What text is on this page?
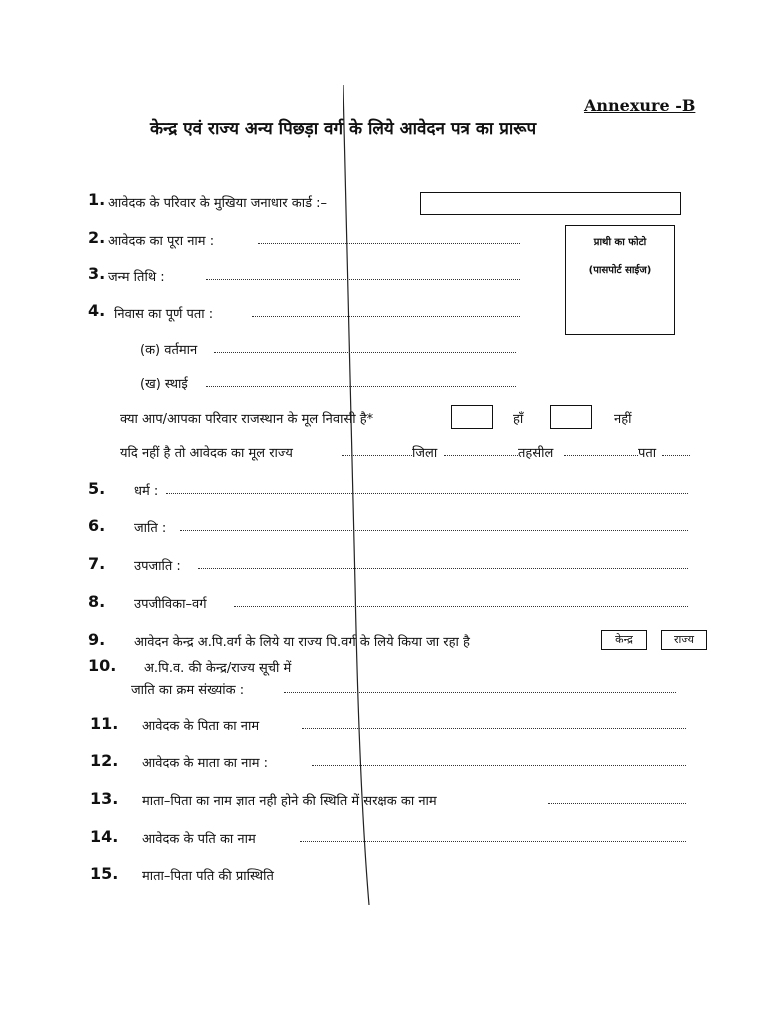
Annexure -B
केन्द्र एवं राज्य अन्य पिछड़ा वर्ग के लिये आवेदन पत्र का प्रारूप
1. आवेदक के परिवार के मुखिया जनाधार कार्ड :–
प्राथी का फोटो
(पासपोर्ट साईज)
2. आवेदक का पूरा नाम :
3. जन्म तिथि :
4. निवास का पूर्ण पता :
(क) वर्तमान
(ख) स्थाई
क्या आप/आपका परिवार राजस्थान के मूल निवासी है*	हाँ	नहीं
यदि नहीं है तो आवेदक का मूल राज्य	जिला	तहसील	पता
5. धर्म :
6. जाति :
7. उपजाति :
8. उपजीविका–वर्ग
9. आवेदन केन्द्र अ.पि.वर्ग के लिये या राज्य पि.वर्ग के लिये किया जा रहा है	केन्द्र	राज्य
10. अ.पि.व. की केन्द्र/राज्य सूची में
जाति का क्रम संख्यांक :
11. आवेदक के पिता का नाम
12. आवेदक के माता का नाम :
13. माता–पिता का नाम ज्ञात नही होने की स्थिति में सरक्षक का नाम
14. आवेदक के पति का नाम
15. माता–पिता पति की प्रास्थिति
